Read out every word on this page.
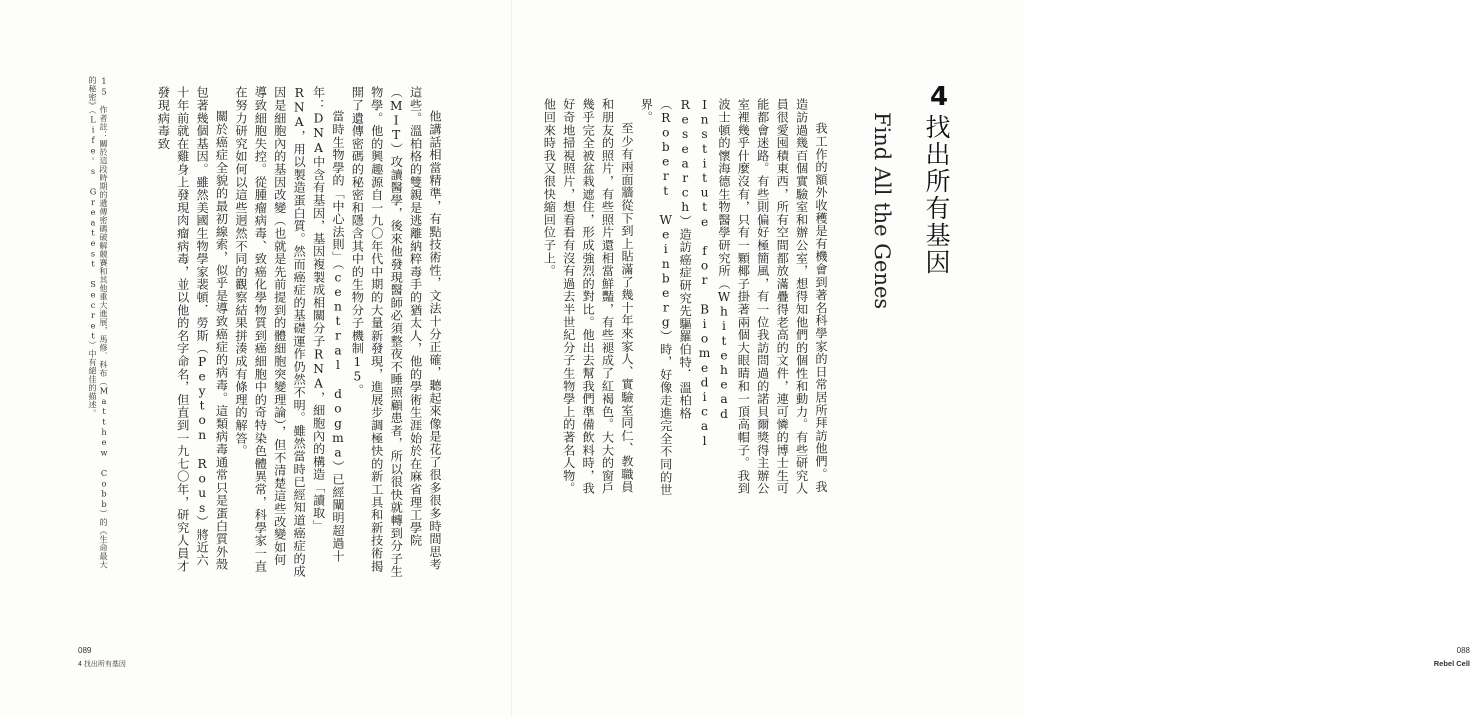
他講話相當精準，有點技術性，文法十分正確，聽起來像是花了很多很多時間思考這些。溫柏格的雙親是逃離納粹毒手的猶太人，他的學術生涯始於在麻省理工學院（MIT）攻讀醫學，後來他發現醫師必須整夜不睡照顧患者，所以很快就轉到分子生物學。他的興趣源自一九〇年代中期的大量新發現，進展步調極快的新工具和新技術揭開了遺傳密碼的秘密和隱含其中的生物分子機制15。

當時生物學的「中心法則」（central dogma）已經闡明超過十年：DNA中含有基因，基因複製成相關分子RNA，細胞內的構造「讀取」RNA，用以製造蛋白質。然而癌症的基礎運作仍然不明。雖然當時已經知道癌症的成因是細胞內的基因改變（也就是先前提到的體細胞突變理論），但不清楚這些改變如何導致細胞失控。從腫瘤病毒、致癌化學物質到癌細胞中的奇特染色體異常，科學家一直在努力研究如何以這些迥然不同的觀察結果拼湊成有條理的解答。

關於癌症全貌的最初線索，似乎是導致癌症的病毒。這類病毒通常只是蛋白質外殼包著幾個基因。雖然美國生物學家裴頓．勞斯（Peyton Rous）將近六十年前就在雞身上發現肉瘤病毒，並以他的名字命名，但直到一九七〇年，研究人員才發現病毒致

15　作者註：關於這段時期的遺傳密碼破解競賽和其他重大進展，馬修．科布（Matthew Cobb）的《生命最大的秘密》（Life's Greatest Secret）中有絕佳的描述。
089
4 找出所有基因
088
Rebel Cell
4
找出所有基因
Find All the Genes

我工作的額外收穫是有機會到著名科學家的日常居所拜訪他們。我造訪過幾百個實驗室和辦公室，想得知他們的個性和動力。有些研究人員很愛囤積東西，所有空間都放滿疊得老高的文件，連可憐的博士生可能都會迷路。有些則偏好極簡風，有一位我訪問過的諾貝爾獎得主辦公室裡幾乎什麼沒有，只有一顆椰子掛著兩個大眼睛和一頂高帽子。我到波士頓的懷海德生物醫學研究所（Whitehead Institute for Biomedical Research）造訪癌症研究先驅羅伯特．溫柏格（Robert Weinberg）時，好像走進完全不同的世界。

至少有兩面牆從下到上貼滿了幾十年來家人、實驗室同仁、教職員和朋友的照片，有些照片還相當鮮豔，有些褪成了紅褐色。大大的窗戶幾乎完全被盆栽遮住，形成強烈的對比。他出去幫我們準備飲料時，我好奇地掃視照片，想看看有沒有過去半世紀分子生物學上的著名人物。他回來時我又很快縮回位子上。
